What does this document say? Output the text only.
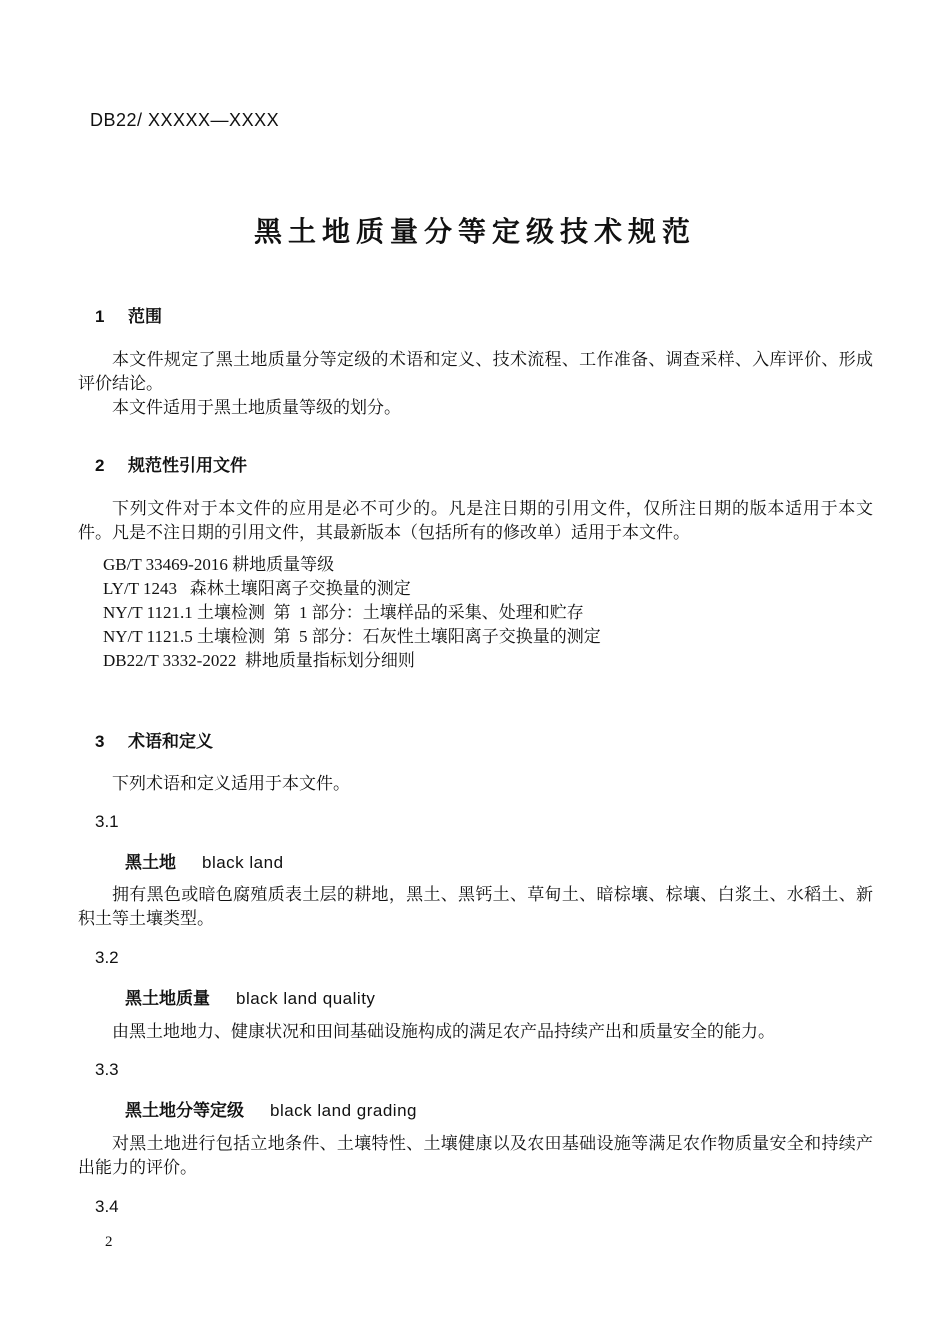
DB22/ XXXXX—XXXX
黑土地质量分等定级技术规范
1 范围

本文件规定了黑土地质量分等定级的术语和定义、技术流程、工作准备、调查采样、入库评价、形成评价结论。

本文件适用于黑土地质量等级的划分。

2 规范性引用文件

下列文件对于本文件的应用是必不可少的。凡是注日期的引用文件，仅所注日期的版本适用于本文件。凡是不注日期的引用文件，其最新版本（包括所有的修改单）适用于本文件。

GB/T 33469-2016 耕地质量等级
LY/T 1243   森林土壤阳离子交换量的测定
NY/T 1121.1 土壤检测  第  1 部分：土壤样品的采集、处理和贮存
NY/T 1121.5 土壤检测  第  5 部分：石灰性土壤阳离子交换量的测定
DB22/T 3332-2022  耕地质量指标划分细则
3 术语和定义

下列术语和定义适用于本文件。

3.1
黑土地 black land

拥有黑色或暗色腐殖质表土层的耕地，黑土、黑钙土、草甸土、暗棕壤、棕壤、白浆土、水稻土、新积土等土壤类型。

3.2
黑土地质量 black land quality

由黑土地地力、健康状况和田间基础设施构成的满足农产品持续产出和质量安全的能力。

3.3
黑土地分等定级 black land grading

对黑土地进行包括立地条件、土壤特性、土壤健康以及农田基础设施等满足农作物质量安全和持续产出能力的评价。

3.4
2
